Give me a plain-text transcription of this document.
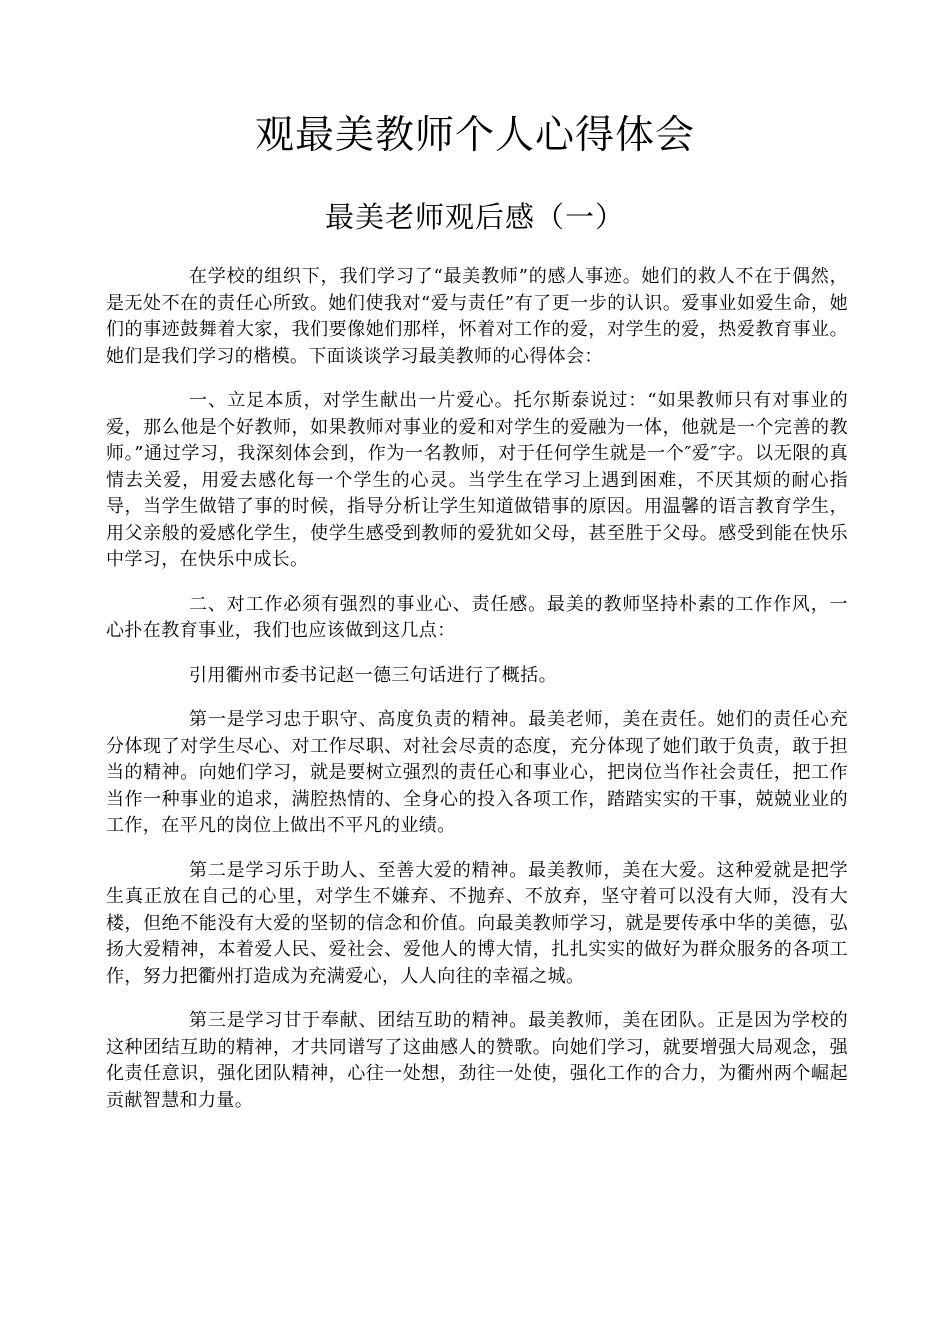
观最美教师个人心得体会
最美老师观后感（一）

在学校的组织下，我们学习了“最美教师”的感人事迹。她们的救人不在于偶然，是无处不在的责任心所致。她们使我对“爱与责任”有了更一步的认识。爱事业如爱生命，她们的事迹鼓舞着大家，我们要像她们那样，怀着对工作的爱，对学生的爱，热爱教育事业。她们是我们学习的楷模。下面谈谈学习最美教师的心得体会：

一、立足本质，对学生献出一片爱心。托尔斯泰说过：“如果教师只有对事业的爱，那么他是个好教师，如果教师对事业的爱和对学生的爱融为一体，他就是一个完善的教师。”通过学习，我深刻体会到，作为一名教师，对于任何学生就是一个″爱″字。以无限的真情去关爱，用爱去感化每一个学生的心灵。当学生在学习上遇到困难，不厌其烦的耐心指导，当学生做错了事的时候，指导分析让学生知道做错事的原因。用温馨的语言教育学生，用父亲般的爱感化学生，使学生感受到教师的爱犹如父母，甚至胜于父母。感受到能在快乐中学习，在快乐中成长。

二、对工作必须有强烈的事业心、责任感。最美的教师坚持朴素的工作作风，一心扑在教育事业，我们也应该做到这几点：

引用衢州市委书记赵一德三句话进行了概括。

第一是学习忠于职守、高度负责的精神。最美老师，美在责任。她们的责任心充分体现了对学生尽心、对工作尽职、对社会尽责的态度，充分体现了她们敢于负责，敢于担当的精神。向她们学习，就是要树立强烈的责任心和事业心，把岗位当作社会责任，把工作当作一种事业的追求，满腔热情的、全身心的投入各项工作，踏踏实实的干事，兢兢业业的工作，在平凡的岗位上做出不平凡的业绩。

第二是学习乐于助人、至善大爱的精神。最美教师，美在大爱。这种爱就是把学生真正放在自己的心里，对学生不嫌弃、不抛弃、不放弃，坚守着可以没有大师，没有大楼，但绝不能没有大爱的坚韧的信念和价值。向最美教师学习，就是要传承中华的美德，弘扬大爱精神，本着爱人民、爱社会、爱他人的博大情，扎扎实实的做好为群众服务的各项工作，努力把衢州打造成为充满爱心，人人向往的幸福之城。

第三是学习甘于奉献、团结互助的精神。最美教师，美在团队。正是因为学校的这种团结互助的精神，才共同谱写了这曲感人的赞歌。向她们学习，就要增强大局观念，强化责任意识，强化团队精神，心往一处想，劲往一处使，强化工作的合力，为衢州两个崛起贡献智慧和力量。
